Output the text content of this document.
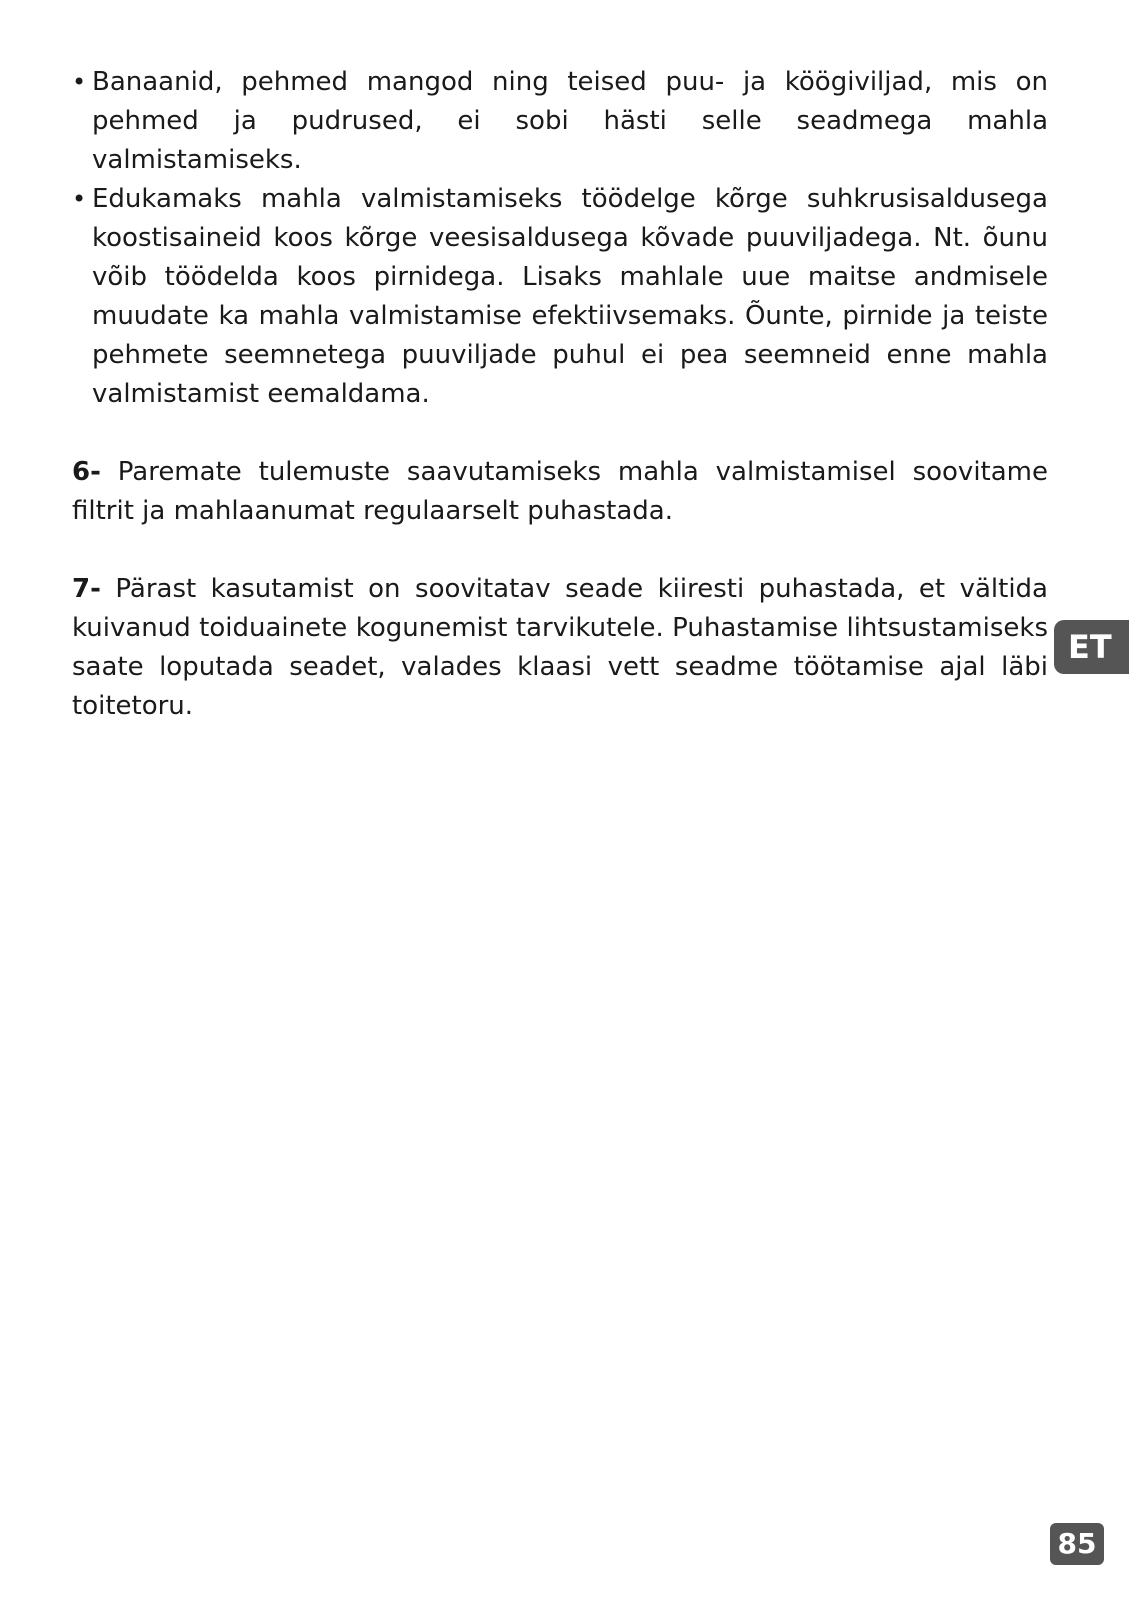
• Banaanid, pehmed mangod ning teised puu- ja köögiviljad, mis on pehmed ja pudrused, ei sobi hästi selle seadmega mahla valmistamiseks.
• Edukamaks mahla valmistamiseks töödelge kõrge suhkrusisaldusega koostisaineid koos kõrge veesisaldusega kõvade puuviljadega. Nt. õunu võib töödelda koos pirnidega. Lisaks mahlale uue maitse andmisele muudate ka mahla valmistamise efektiivsemaks. Õunte, pirnide ja teiste pehmete seemnetega puuviljade puhul ei pea seemneid enne mahla valmistamist eemaldama.

6- Paremate tulemuste saavutamiseks mahla valmistamisel soovitame filtrit ja mahlaanumat regulaarselt puhastada.

7- Pärast kasutamist on soovitatav seade kiiresti puhastada, et vältida kuivanud toiduainete kogunemist tarvikutele. Puhastamise lihtsustamiseks saate loputada seadet, valades klaasi vett seadme töötamise ajal läbi toitetoru.

ET
85
